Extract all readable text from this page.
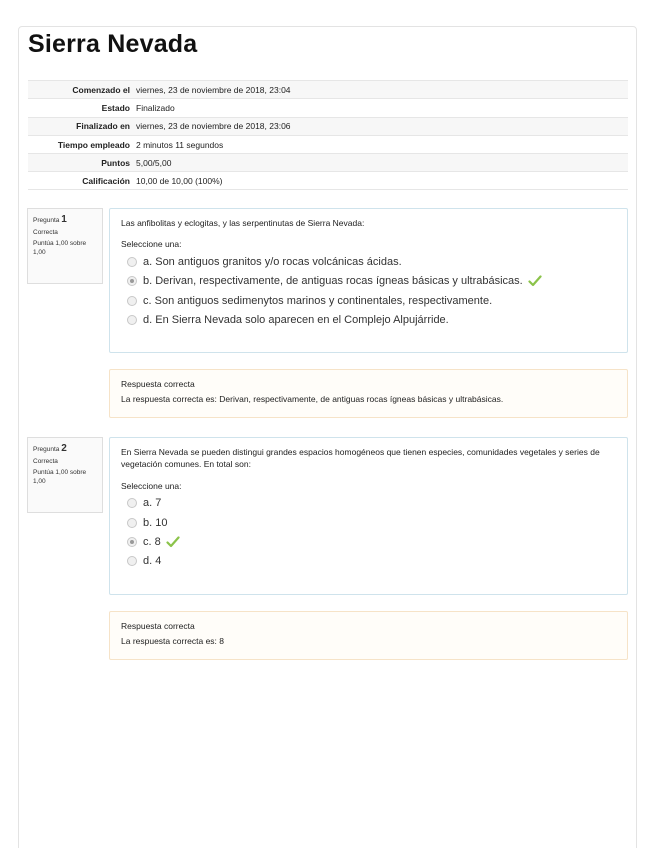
Sierra Nevada
Comenzado el viernes, 23 de noviembre de 2018, 23:04
Estado Finalizado
Finalizado en viernes, 23 de noviembre de 2018, 23:06
Tiempo empleado 2 minutos 11 segundos
Puntos 5,00/5,00
Calificación 10,00 de 10,00 (100%)
Pregunta 1
Correcta
Puntúa 1,00 sobre 1,00
Las anfibolitas y eclogitas, y las serpentinutas de Sierra Nevada:
Seleccione una:
a. Son antiguos granitos y/o rocas volcánicas ácidas.
b. Derivan, respectivamente, de antiguas rocas ígneas básicas y ultrabásicas.
c. Son antiguos sedimenytos marinos y continentales, respectivamente.
d. En Sierra Nevada solo aparecen en el Complejo Alpujárride.
Respuesta correcta
La respuesta correcta es: Derivan, respectivamente, de antiguas rocas ígneas básicas y ultrabásicas.
Pregunta 2
Correcta
Puntúa 1,00 sobre 1,00
En Sierra Nevada se pueden distingui grandes espacios homogéneos que tienen especies, comunidades vegetales y series de vegetación comunes. En total son:
Seleccione una:
a. 7
b. 10
c. 8
d. 4
Respuesta correcta
La respuesta correcta es: 8
